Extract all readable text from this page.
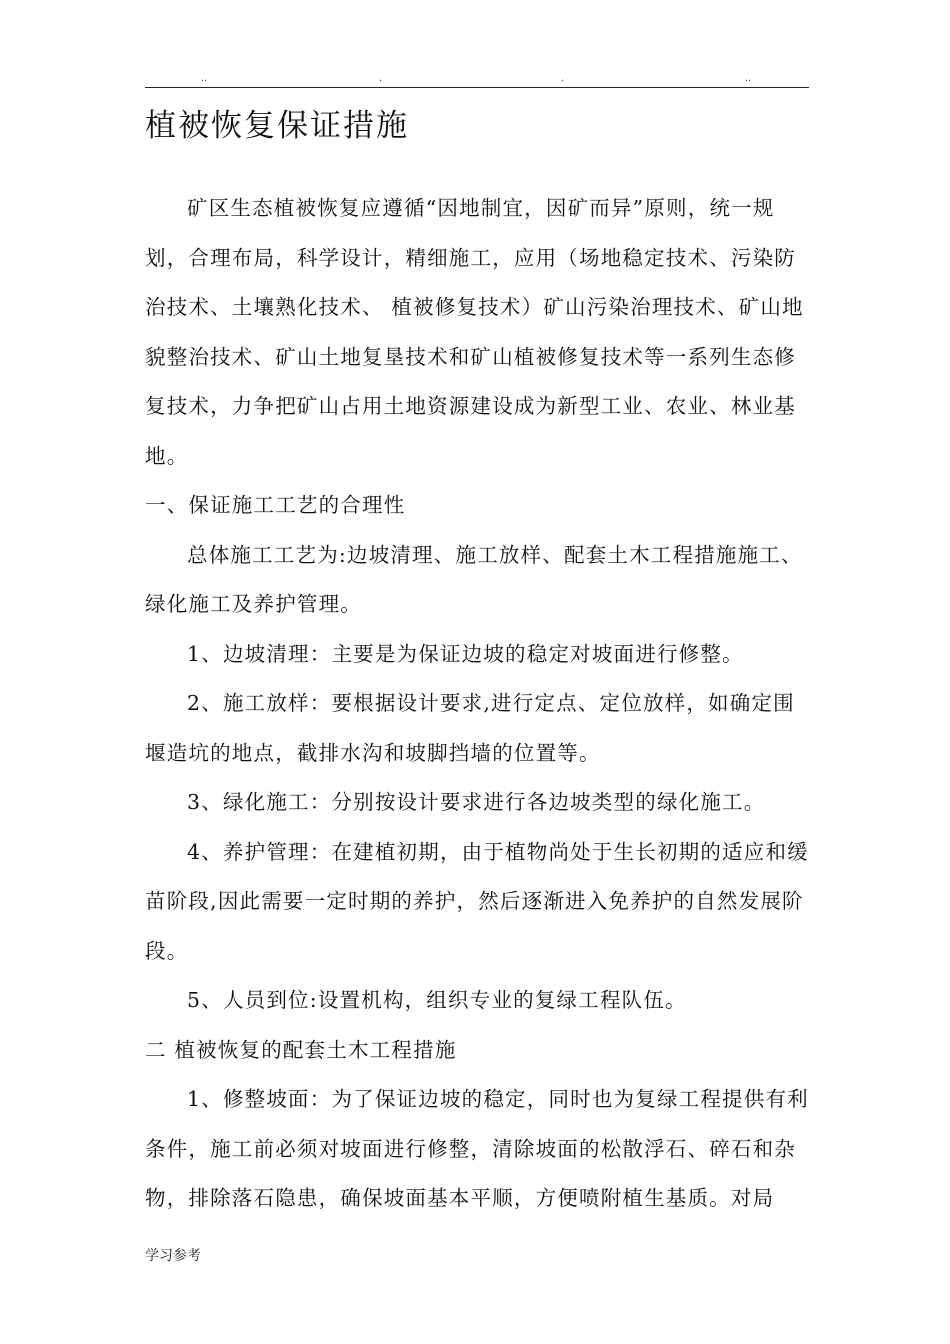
..	.	.	..
植被恢复保证措施

矿区生态植被恢复应遵循“因地制宜，因矿而异”原则，统一规划，合理布局，科学设计，精细施工，应用（场地稳定技术、污染防治技术、土壤熟化技术、 植被修复技术）矿山污染治理技术、矿山地貌整治技术、矿山土地复垦技术和矿山植被修复技术等一系列生态修复技术，力争把矿山占用土地资源建设成为新型工业、农业、林业基地。

一、保证施工工艺的合理性

总体施工工艺为:边坡清理、施工放样、配套土木工程措施施工、绿化施工及养护管理。

1、边坡清理：主要是为保证边坡的稳定对坡面进行修整。

2、施工放样：要根据设计要求,进行定点、定位放样，如确定围堰造坑的地点，截排水沟和坡脚挡墙的位置等。

3、绿化施工：分别按设计要求进行各边坡类型的绿化施工。

4、养护管理：在建植初期，由于植物尚处于生长初期的适应和缓苗阶段,因此需要一定时期的养护，然后逐渐进入免养护的自然发展阶段。

5、人员到位:设置机构，组织专业的复绿工程队伍。

二 植被恢复的配套土木工程措施

1、修整坡面：为了保证边坡的稳定，同时也为复绿工程提供有利条件，施工前必须对坡面进行修整，清除坡面的松散浮石、碎石和杂物，排除落石隐患，确保坡面基本平顺，方便喷附植生基质。对局

学习参考
